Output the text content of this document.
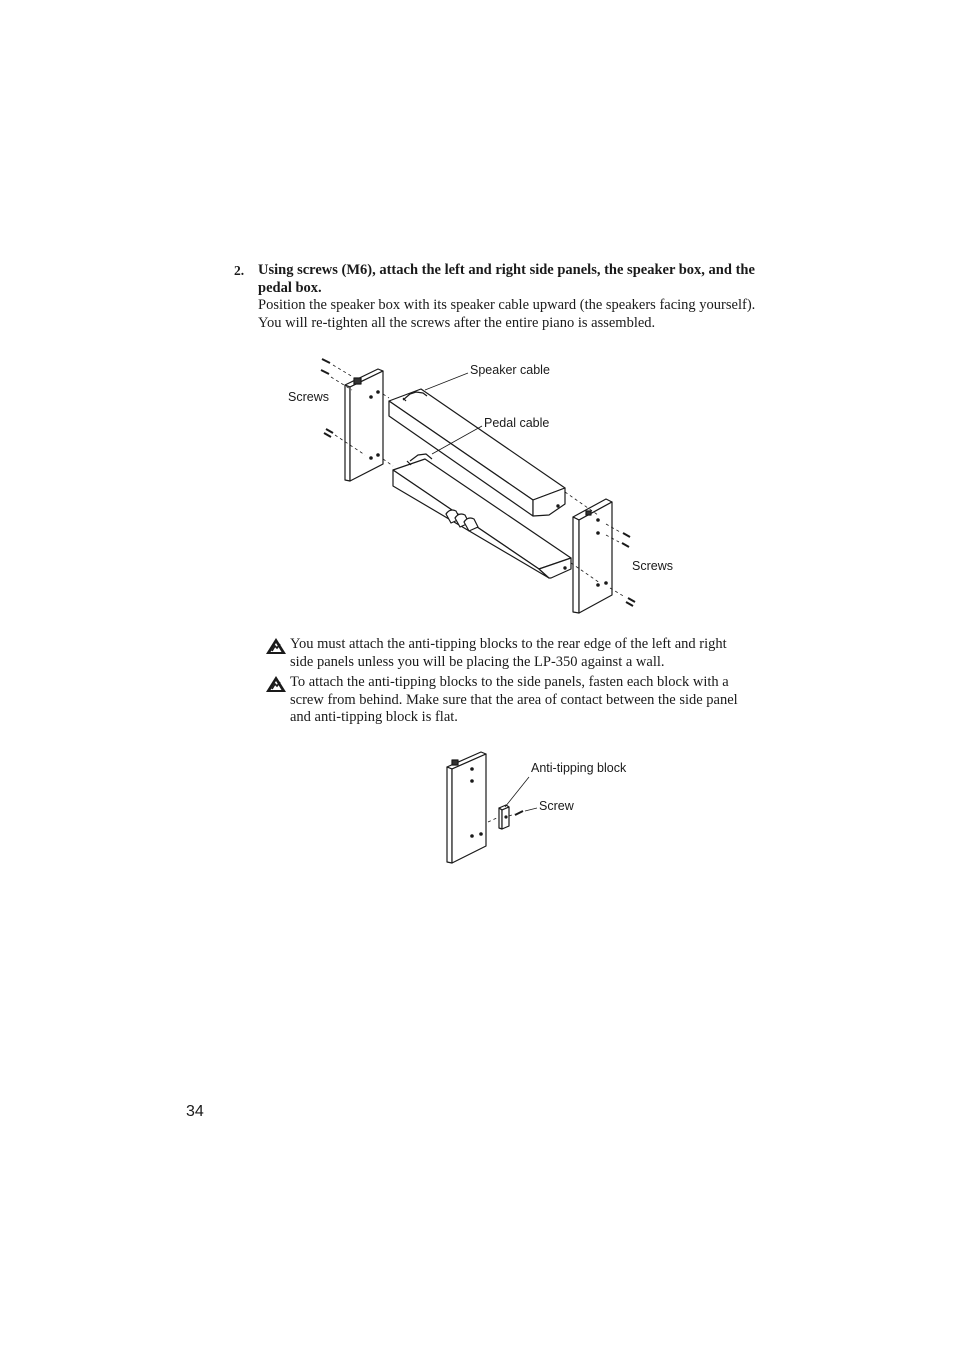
2. Using screws (M6), attach the left and right side panels, the speaker box, and the pedal box.
Position the speaker box with its speaker cable upward (the speakers facing yourself). You will re-tighten all the screws after the entire piano is assembled.
Speaker cable
Screws
Pedal cable
Screws
You must attach the anti-tipping blocks to the rear edge of the left and right side panels unless you will be placing the LP-350 against a wall.
To attach the anti-tipping blocks to the side panels, fasten each block with a screw from behind. Make sure that the area of contact between the side panel and anti-tipping block is flat.
Anti-tipping block
Screw
34
